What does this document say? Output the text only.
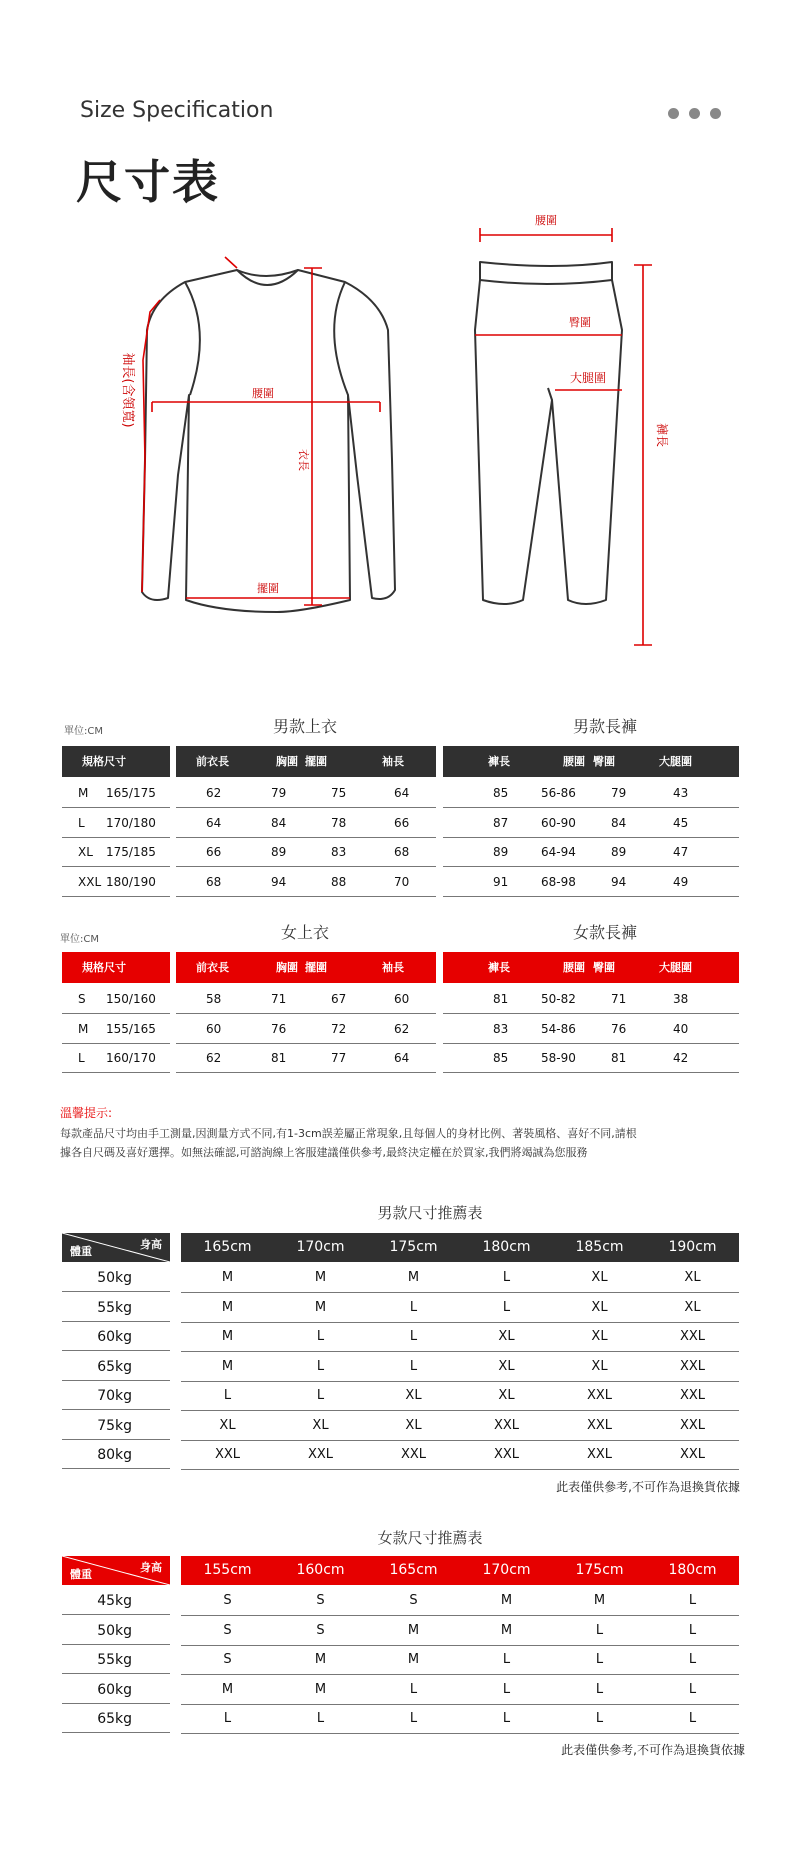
Size Specification
尺寸表
袖長(含領寬)	腰圍
衣長
擺圍
腰圍
臀圍
大腿圍
褲長
單位:CM	男款上衣	男款長褲
規格尺寸	前衣長	胸圍 擺圍	袖長	褲長	腰圍 臀圍	大腿圍
M 165/175	62	79	75	64	85	56-86	79	43
L 170/180	64	84	78	66	87	60-90	84	45
XL 175/185	66	89	83	68	89	64-94	89	47
XXL 180/190	68	94	88	70	91	68-98	94	49
單位:CM	女上衣	女款長褲
規格尺寸	前衣長	胸圍 擺圍	袖長	褲長	腰圍 臀圍	大腿圍
S 150/160	58	71	67	60	81	50-82	71	38
M 155/165	60	76	72	62	83	54-86	76	40
L 160/170	62	81	77	64	85	58-90	81	42
溫馨提示:
每款產品尺寸均由手工測量,因測量方式不同,有1-3cm誤差屬正常現象,且每個人的身材比例、著裝風格、喜好不同,請根
據各自尺碼及喜好選擇。如無法確認,可諮詢線上客服建議僅供參考,最終決定權在於買家,我們將竭誠為您服務
男款尺寸推薦表
身高
體重	165cm	170cm	175cm	180cm	185cm	190cm
50kg	M	M	M	L	XL	XL
55kg	M	M	L	L	XL	XL
60kg	M	L	L	XL	XL	XXL
65kg	M	L	L	XL	XL	XXL
70kg	L	L	XL	XL	XXL	XXL
75kg	XL	XL	XL	XXL	XXL	XXL
80kg	XXL	XXL	XXL	XXL	XXL	XXL
此表僅供參考,不可作為退換貨依據
女款尺寸推薦表
身高
體重	155cm	160cm	165cm	170cm	175cm	180cm
45kg	S	S	S	M	M	L
50kg	S	S	M	M	L	L
55kg	S	M	M	L	L	L
60kg	M	M	L	L	L	L
65kg	L	L	L	L	L	L
此表僅供參考,不可作為退換貨依據
